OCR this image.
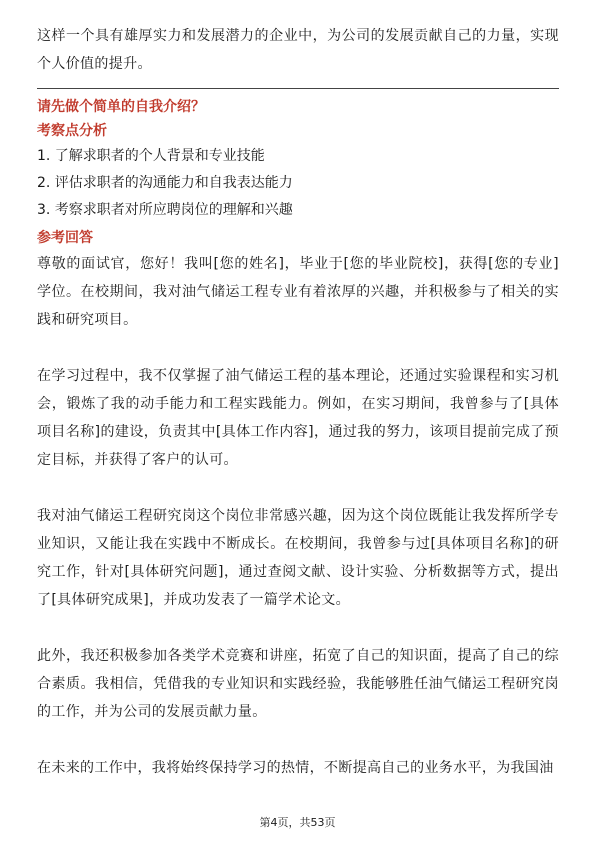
这样一个具有雄厚实力和发展潜力的企业中，为公司的发展贡献自己的力量，实现个人价值的提升。

请先做个简单的自我介绍？

考察点分析

1. 了解求职者的个人背景和专业技能
2. 评估求职者的沟通能力和自我表达能力
3. 考察求职者对所应聘岗位的理解和兴趣

参考回答

尊敬的面试官，您好！我叫[您的姓名]，毕业于[您的毕业院校]，获得[您的专业]学位。在校期间，我对油气储运工程专业有着浓厚的兴趣，并积极参与了相关的实践和研究项目。

在学习过程中，我不仅掌握了油气储运工程的基本理论，还通过实验课程和实习机会，锻炼了我的动手能力和工程实践能力。例如，在实习期间，我曾参与了[具体项目名称]的建设，负责其中[具体工作内容]，通过我的努力，该项目提前完成了预定目标，并获得了客户的认可。

我对油气储运工程研究岗这个岗位非常感兴趣，因为这个岗位既能让我发挥所学专业知识，又能让我在实践中不断成长。在校期间，我曾参与过[具体项目名称]的研究工作，针对[具体研究问题]，通过查阅文献、设计实验、分析数据等方式，提出了[具体研究成果]，并成功发表了一篇学术论文。

此外，我还积极参加各类学术竞赛和讲座，拓宽了自己的知识面，提高了自己的综合素质。我相信，凭借我的专业知识和实践经验，我能够胜任油气储运工程研究岗的工作，并为公司的发展贡献力量。

在未来的工作中，我将始终保持学习的热情，不断提高自己的业务水平，为我国油

第4页，共53页
